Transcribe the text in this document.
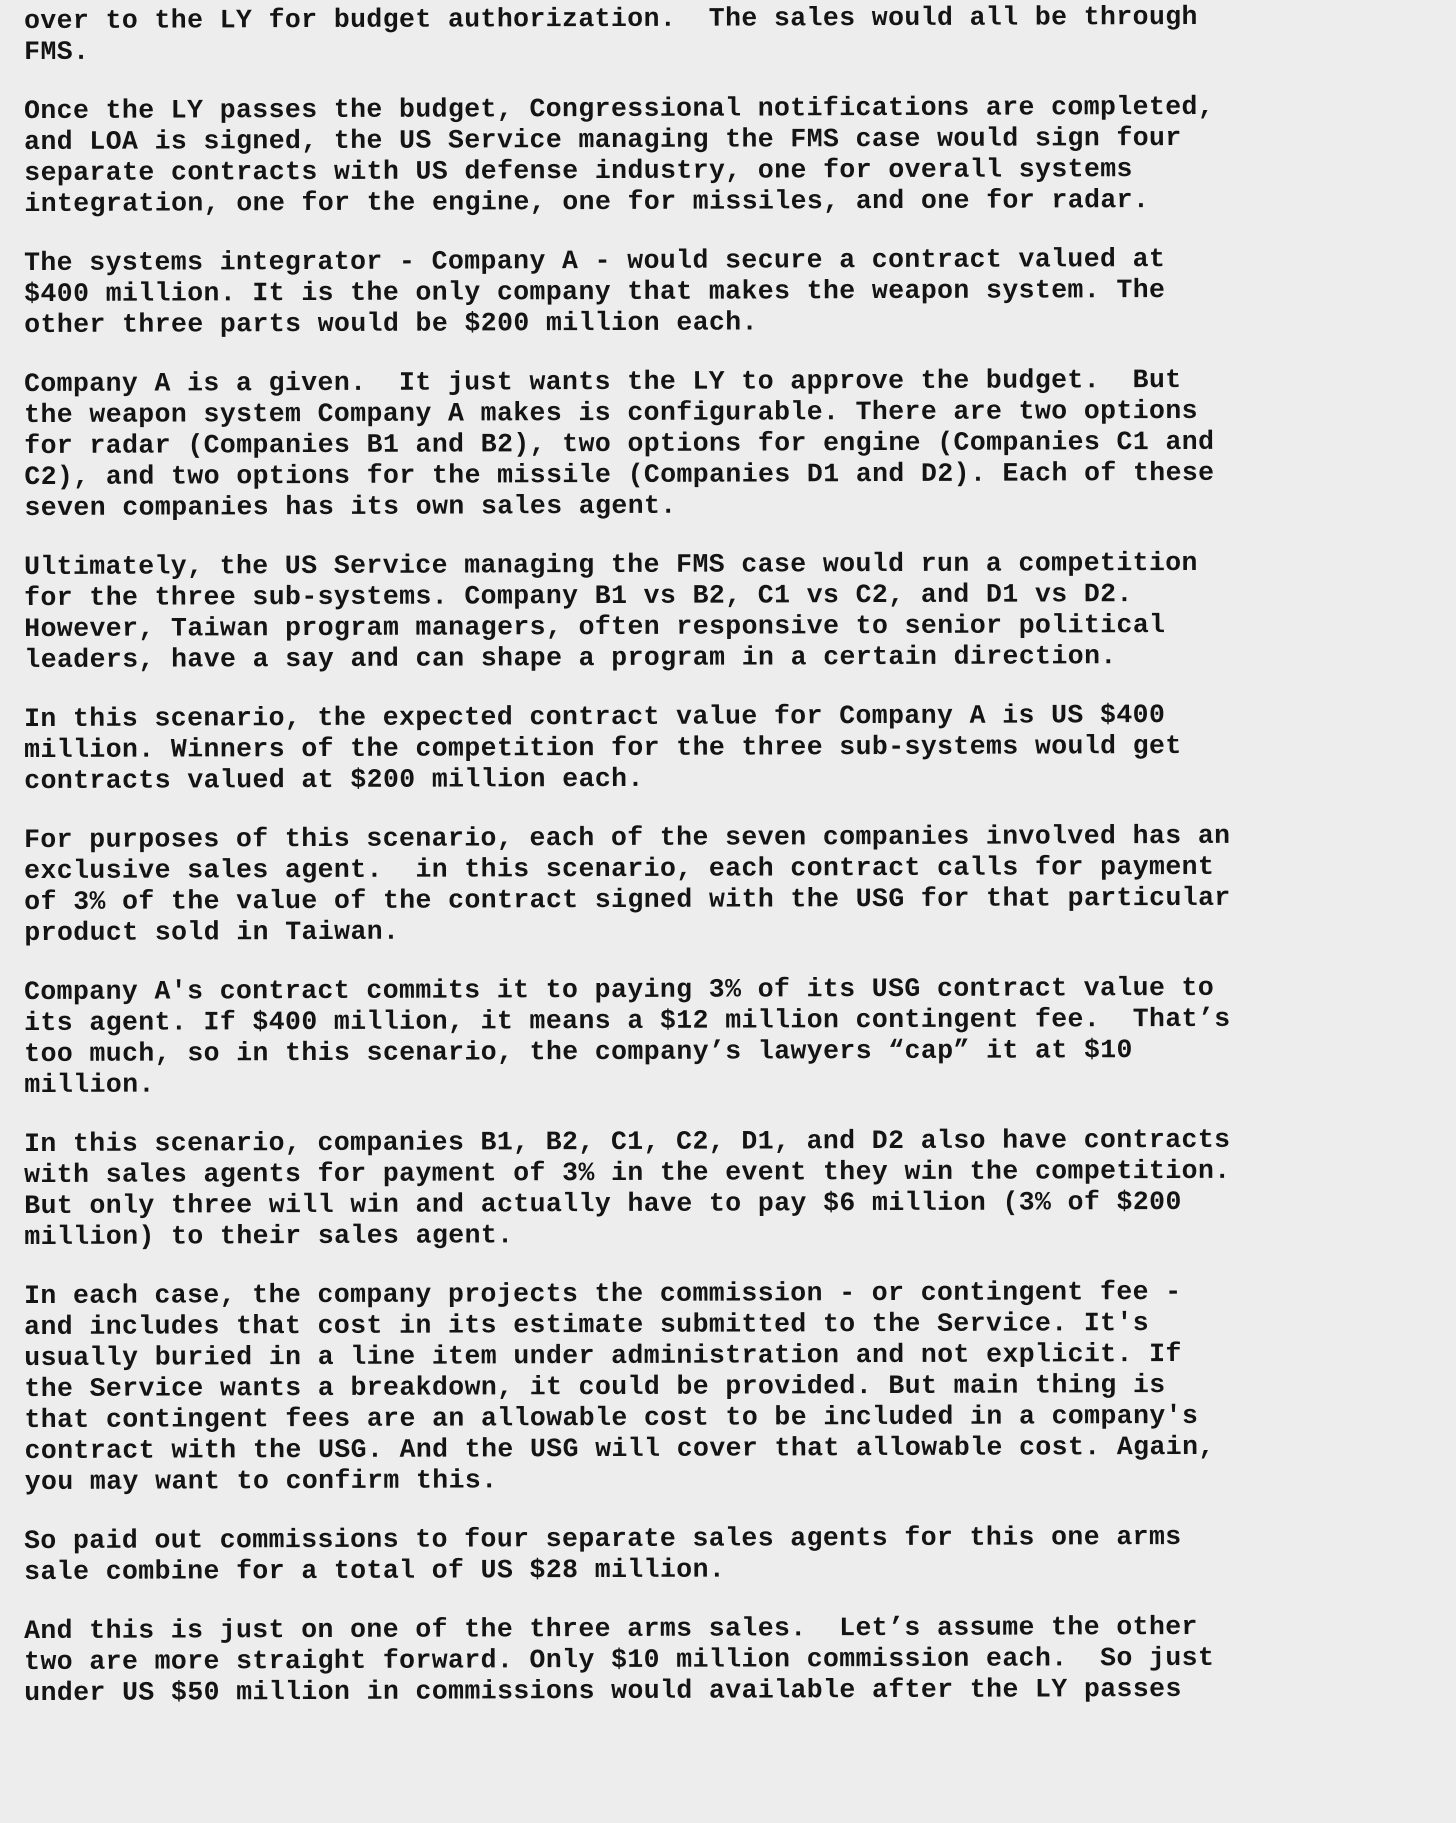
over to the LY for budget authorization.  The sales would all be through
FMS.

Once the LY passes the budget, Congressional notifications are completed,
and LOA is signed, the US Service managing the FMS case would sign four
separate contracts with US defense industry, one for overall systems
integration, one for the engine, one for missiles, and one for radar.

The systems integrator - Company A - would secure a contract valued at
$400 million. It is the only company that makes the weapon system. The
other three parts would be $200 million each.

Company A is a given.  It just wants the LY to approve the budget.  But
the weapon system Company A makes is configurable. There are two options
for radar (Companies B1 and B2), two options for engine (Companies C1 and
C2), and two options for the missile (Companies D1 and D2). Each of these
seven companies has its own sales agent.

Ultimately, the US Service managing the FMS case would run a competition
for the three sub-systems. Company B1 vs B2, C1 vs C2, and D1 vs D2.
However, Taiwan program managers, often responsive to senior political
leaders, have a say and can shape a program in a certain direction.

In this scenario, the expected contract value for Company A is US $400
million. Winners of the competition for the three sub-systems would get
contracts valued at $200 million each.

For purposes of this scenario, each of the seven companies involved has an
exclusive sales agent.  in this scenario, each contract calls for payment
of 3% of the value of the contract signed with the USG for that particular
product sold in Taiwan.

Company A's contract commits it to paying 3% of its USG contract value to
its agent. If $400 million, it means a $12 million contingent fee.  That’s
too much, so in this scenario, the company’s lawyers “cap” it at $10
million.

In this scenario, companies B1, B2, C1, C2, D1, and D2 also have contracts
with sales agents for payment of 3% in the event they win the competition.
But only three will win and actually have to pay $6 million (3% of $200
million) to their sales agent.

In each case, the company projects the commission - or contingent fee -
and includes that cost in its estimate submitted to the Service. It's
usually buried in a line item under administration and not explicit. If
the Service wants a breakdown, it could be provided. But main thing is
that contingent fees are an allowable cost to be included in a company's
contract with the USG. And the USG will cover that allowable cost. Again,
you may want to confirm this.

So paid out commissions to four separate sales agents for this one arms
sale combine for a total of US $28 million.

And this is just on one of the three arms sales.  Let’s assume the other
two are more straight forward. Only $10 million commission each.  So just
under US $50 million in commissions would available after the LY passes
